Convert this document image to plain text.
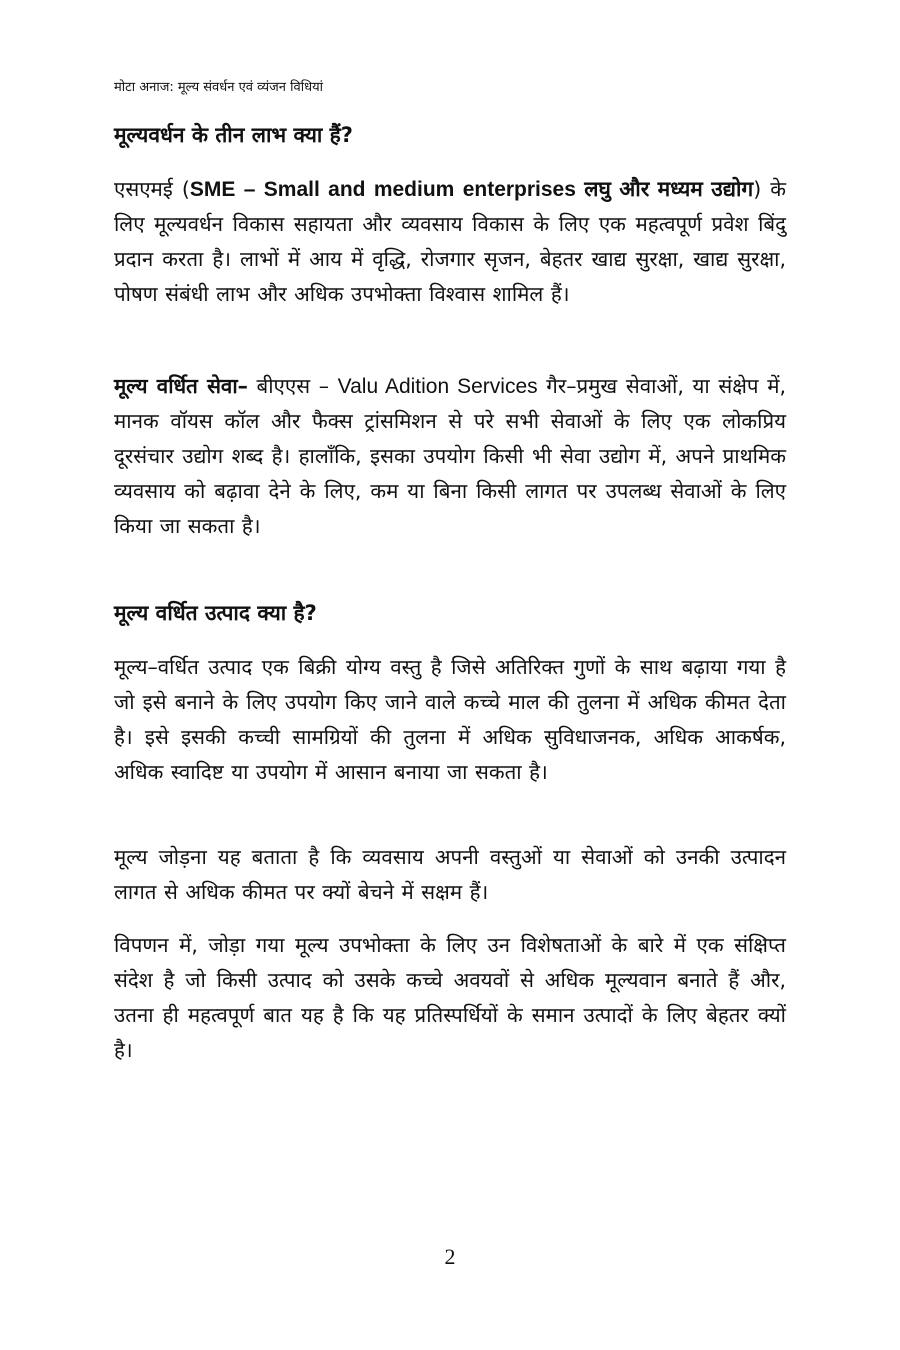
मोटा अनाज: मूल्य संवर्धन एवं व्यंजन विधियां
मूल्यवर्धन के तीन लाभ क्या हैं?

एसएमई (SME – Small and medium enterprises लघु और मध्यम उद्योग) के लिए मूल्यवर्धन विकास सहायता और व्यवसाय विकास के लिए एक महत्वपूर्ण प्रवेश बिंदु प्रदान करता है। लाभों में आय में वृद्धि, रोजगार सृजन, बेहतर खाद्य सुरक्षा, खाद्य सुरक्षा, पोषण संबंधी लाभ और अधिक उपभोक्ता विश्वास शामिल हैं।

मूल्य वर्धित सेवा– बीएएस – Valu Adition Services गैर–प्रमुख सेवाओं, या संक्षेप में, मानक वॉयस कॉल और फैक्स ट्रांसमिशन से परे सभी सेवाओं के लिए एक लोकप्रिय दूरसंचार उद्योग शब्द है। हालाँकि, इसका उपयोग किसी भी सेवा उद्योग में, अपने प्राथमिक व्यवसाय को बढ़ावा देने के लिए, कम या बिना किसी लागत पर उपलब्ध सेवाओं के लिए किया जा सकता है।

मूल्य वर्धित उत्पाद क्या है?

मूल्य–वर्धित उत्पाद एक बिक्री योग्य वस्तु है जिसे अतिरिक्त गुणों के साथ बढ़ाया गया है जो इसे बनाने के लिए उपयोग किए जाने वाले कच्चे माल की तुलना में अधिक कीमत देता है। इसे इसकी कच्ची सामग्रियों की तुलना में अधिक सुविधाजनक, अधिक आकर्षक, अधिक स्वादिष्ट या उपयोग में आसान बनाया जा सकता है।

मूल्य जोड़ना यह बताता है कि व्यवसाय अपनी वस्तुओं या सेवाओं को उनकी उत्पादन लागत से अधिक कीमत पर क्यों बेचने में सक्षम हैं।

विपणन में, जोड़ा गया मूल्य उपभोक्ता के लिए उन विशेषताओं के बारे में एक संक्षिप्त संदेश है जो किसी उत्पाद को उसके कच्चे अवयवों से अधिक मूल्यवान बनाते हैं और, उतना ही महत्वपूर्ण बात यह है कि यह प्रतिस्पर्धियों के समान उत्पादों के लिए बेहतर क्यों है।

2
